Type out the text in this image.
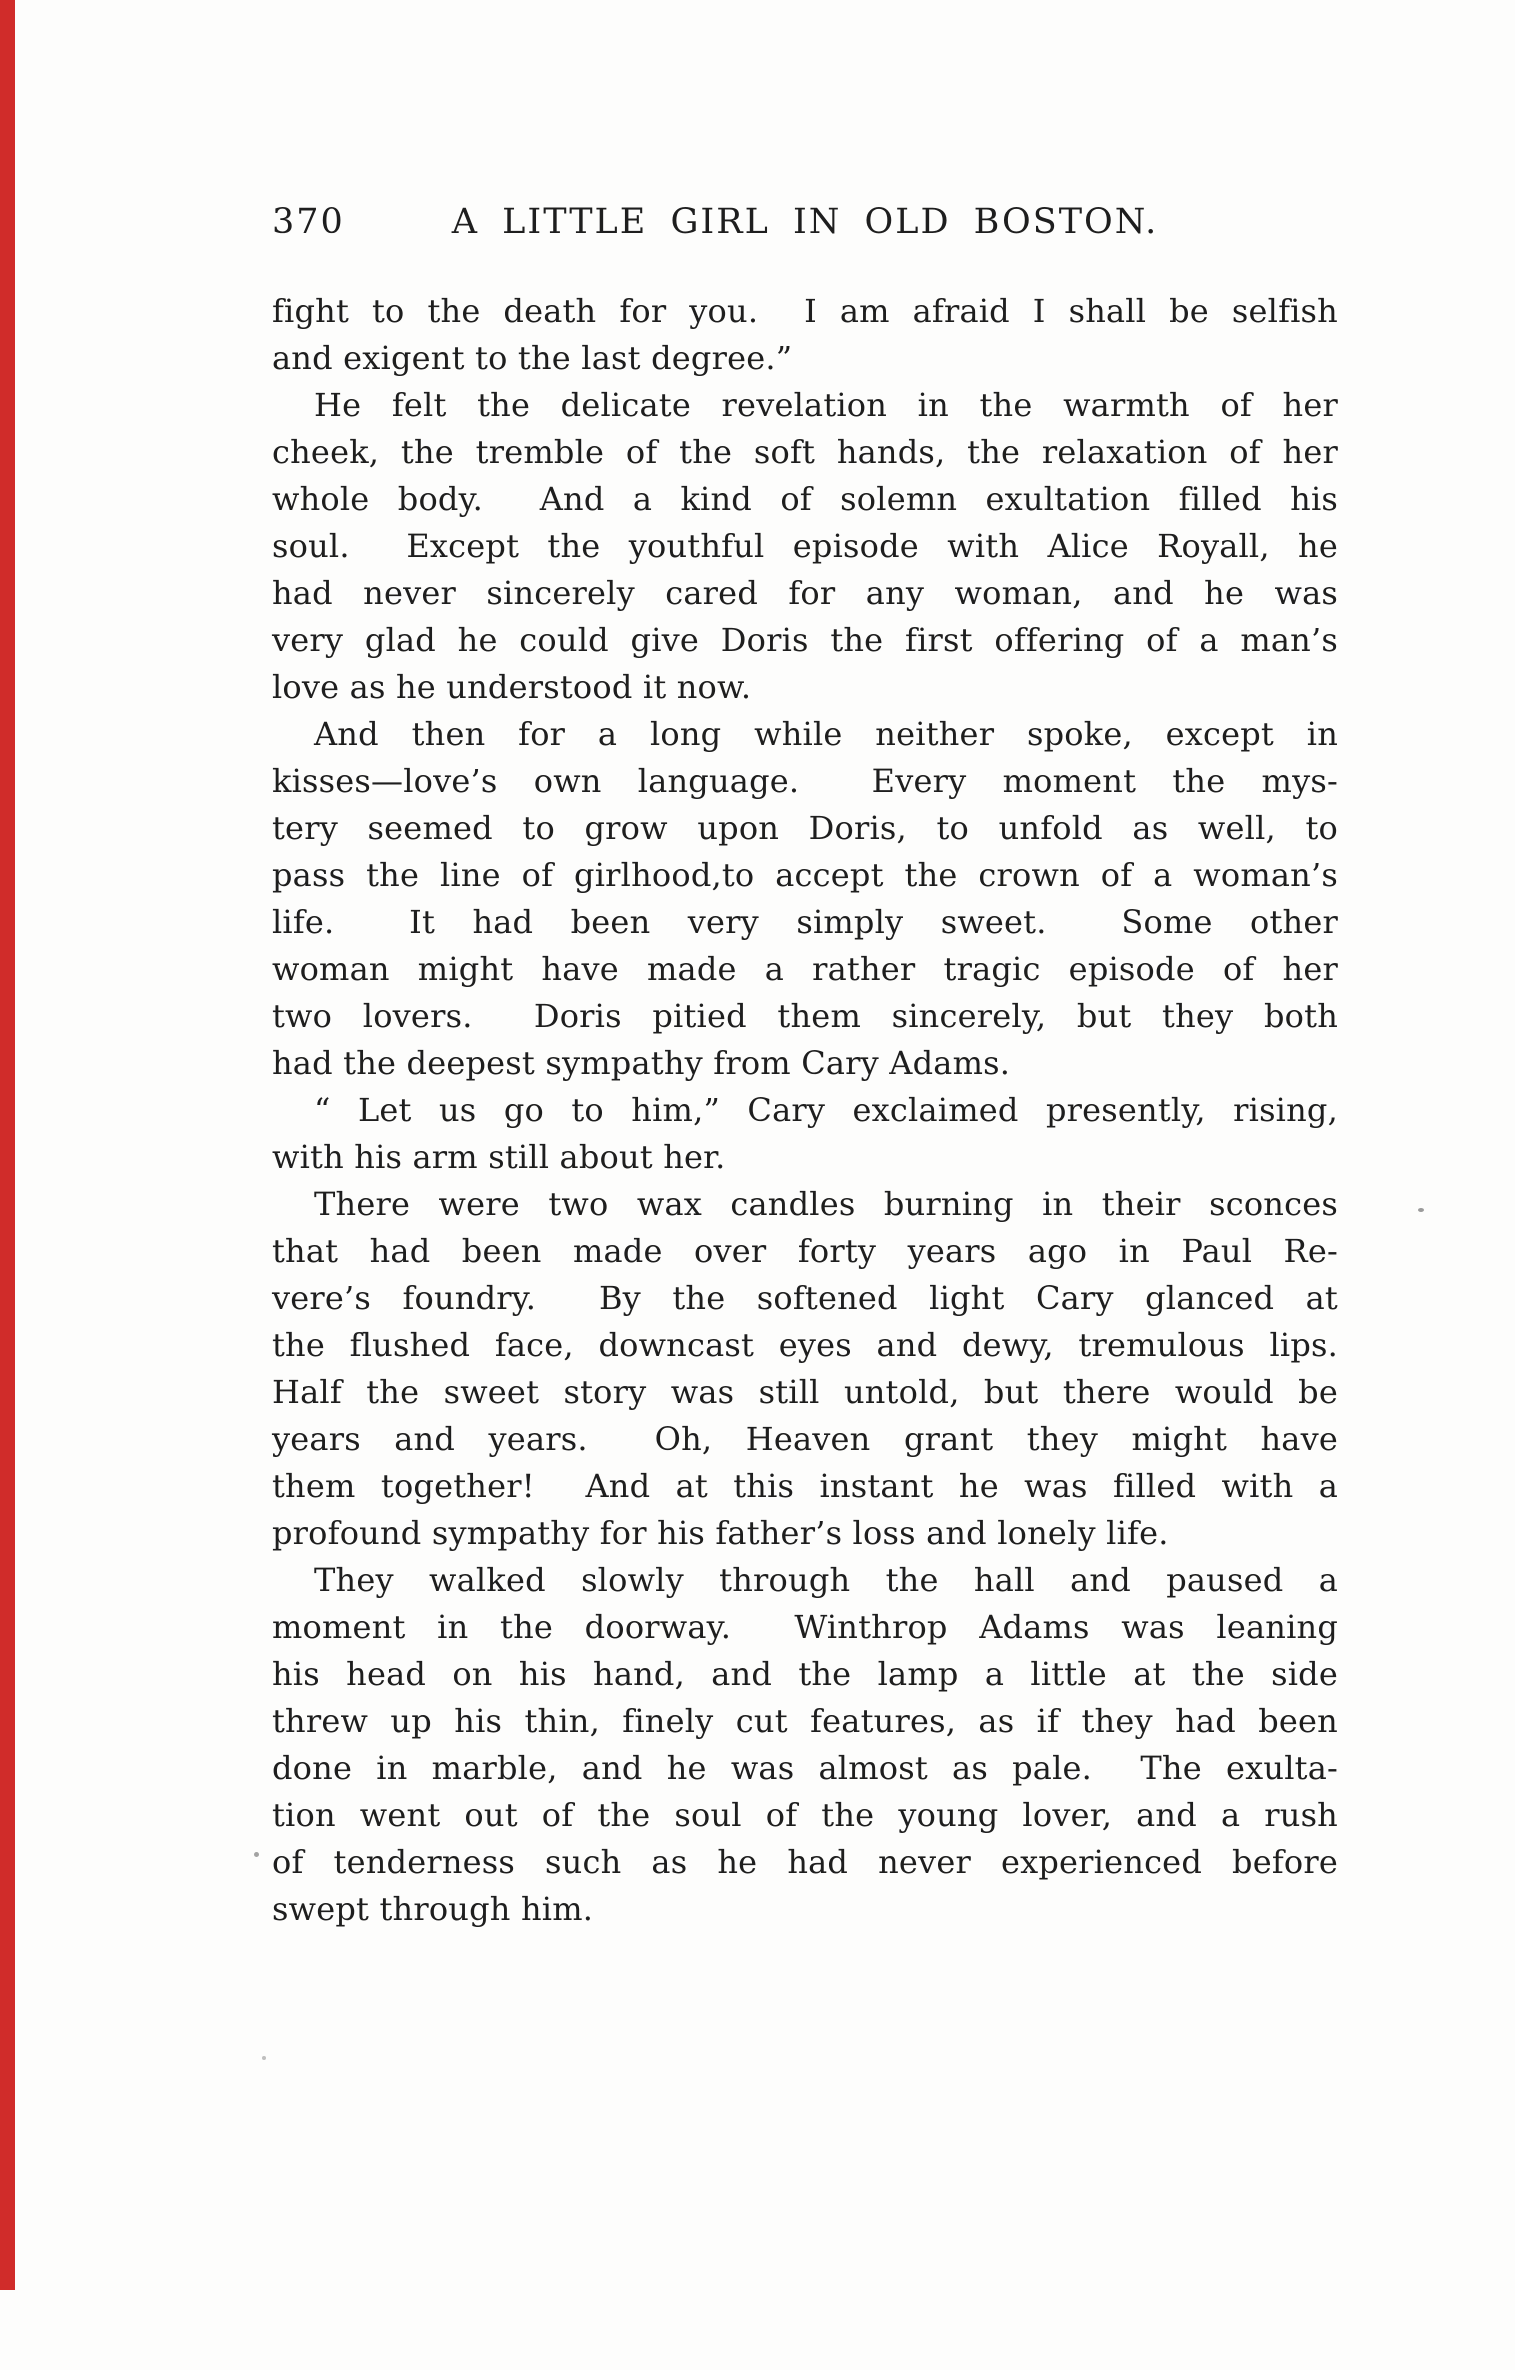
370	A LITTLE GIRL IN OLD BOSTON.
fight to the death for you.  I am afraid I shall be selfish
and exigent to the last degree.”
He felt the delicate revelation in the warmth of her
cheek, the tremble of the soft hands, the relaxation of her
whole body.  And a kind of solemn exultation filled his
soul.  Except the youthful episode with Alice Royall, he
had never sincerely cared for any woman, and he was
very glad he could give Doris the first offering of a man’s
love as he understood it now.
And then for a long while neither spoke, except in
kisses—love’s own language.  Every moment the mys-
tery seemed to grow upon Doris, to unfold as well, to
pass the line of girlhood,to accept the crown of a woman’s
life.  It had been very simply sweet.  Some other
woman might have made a rather tragic episode of her
two lovers.  Doris pitied them sincerely, but they both
had the deepest sympathy from Cary Adams.
“ Let us go to him,” Cary exclaimed presently, rising,
with his arm still about her.
There were two wax candles burning in their sconces
that had been made over forty years ago in Paul Re-
vere’s foundry.  By the softened light Cary glanced at
the flushed face, downcast eyes and dewy, tremulous lips.
Half the sweet story was still untold, but there would be
years and years.  Oh, Heaven grant they might have
them together!  And at this instant he was filled with a
profound sympathy for his father’s loss and lonely life.
They walked slowly through the hall and paused a
moment in the doorway.  Winthrop Adams was leaning
his head on his hand, and the lamp a little at the side
threw up his thin, finely cut features, as if they had been
done in marble, and he was almost as pale.  The exulta-
tion went out of the soul of the young lover, and a rush
of tenderness such as he had never experienced before
swept through him.
